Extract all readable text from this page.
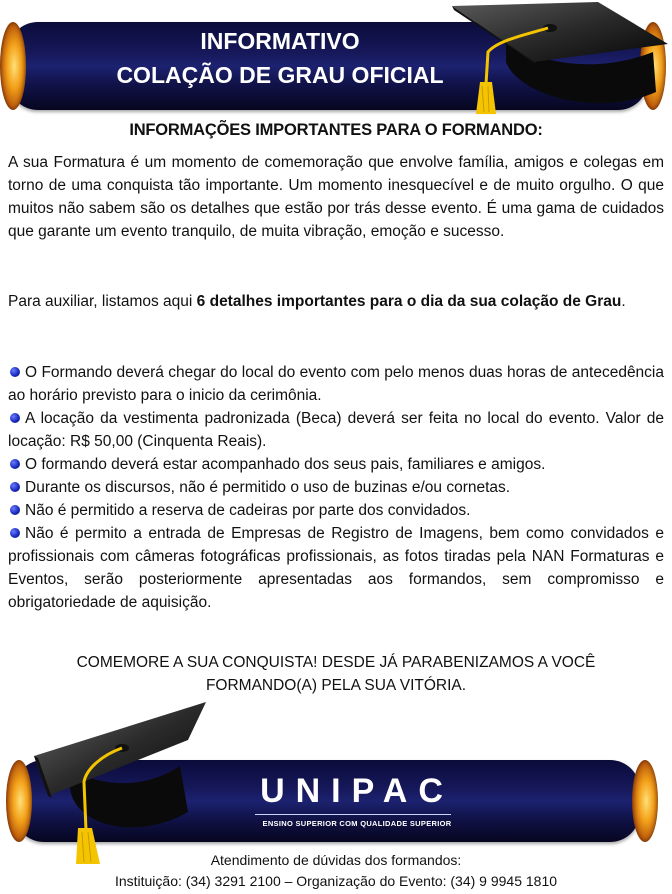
INFORMATIVO
COLAÇÃO DE GRAU OFICIAL
INFORMAÇÕES IMPORTANTES PARA O FORMANDO:
A sua Formatura é um momento de comemoração que envolve família, amigos e colegas em torno de uma conquista tão importante. Um momento inesquecível e de muito orgulho. O que muitos não sabem são os detalhes que estão por trás desse evento. É uma gama de cuidados que garante um evento tranquilo, de muita vibração, emoção e sucesso.
Para auxiliar, listamos aqui 6 detalhes importantes para o dia da sua colação de Grau.

O Formando deverá chegar do local do evento com pelo menos duas horas de antecedência ao horário previsto para o inicio da cerimônia.

A locação da vestimenta padronizada (Beca) deverá ser feita no local do evento. Valor de locação: R$ 50,00 (Cinquenta Reais).

O formando deverá estar acompanhado dos seus pais, familiares e amigos.

Durante os discursos, não é permitido o uso de buzinas e/ou cornetas.

Não é permitido a reserva de cadeiras por parte dos convidados.

Não é permito a entrada de Empresas de Registro de Imagens, bem como convidados e profissionais com câmeras fotográficas profissionais, as fotos tiradas pela NAN Formaturas e Eventos, serão posteriormente apresentadas aos formandos, sem compromisso e obrigatoriedade de aquisição.

COMEMORE A SUA CONQUISTA! DESDE JÁ PARABENIZAMOS A VOCÊ FORMANDO(A) PELA SUA VITÓRIA.
UNIPAC
ENSINO SUPERIOR COM QUALIDADE SUPERIOR
Atendimento de dúvidas dos formandos:
Instituição: (34) 3291 2100 – Organização do Evento: (34) 9 9945 1810
